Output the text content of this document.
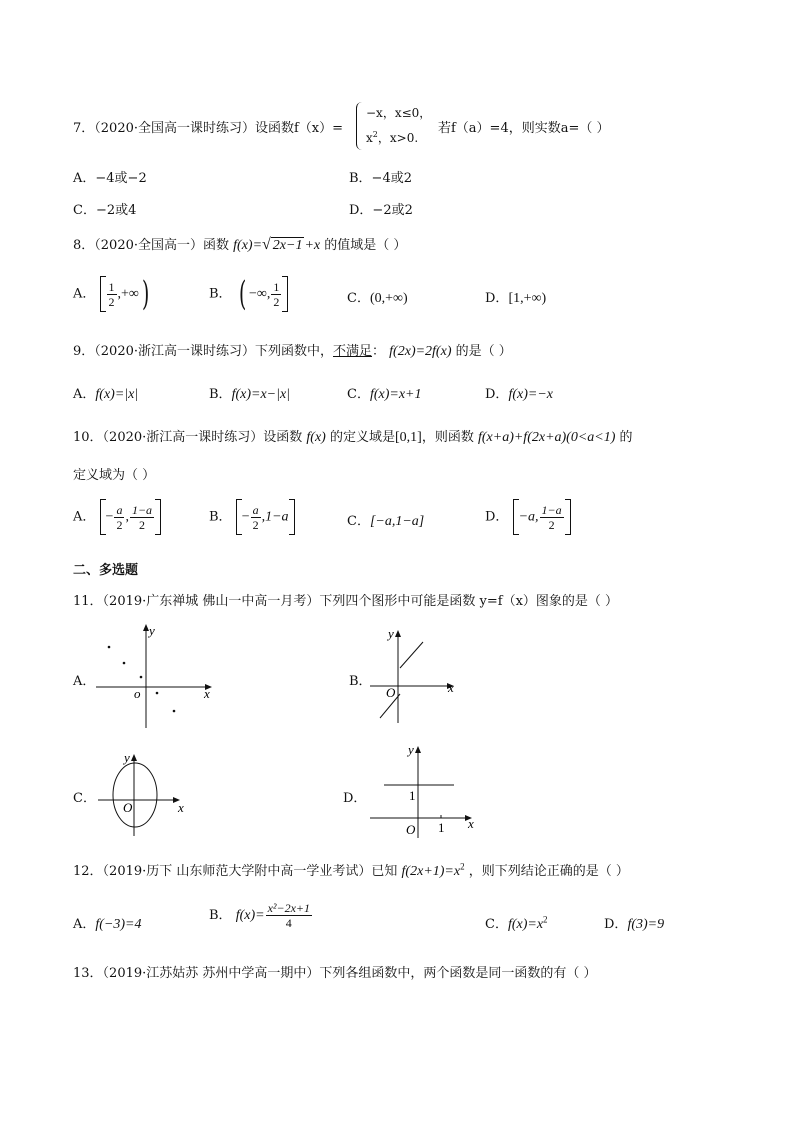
7．（2020·全国高一课时练习）设函数f（x）=
−x，x≤0，
$x^2$，x>0.
若f（a）=4，则实数a=（ ）
A．−4或−2	B．−4或2
C．−2或4	D．−2或2
8．（2020·全国高一）函数 f(x)=√ 2x−1 +x 的值域是（ ）
A． $\frac{1}{2}$ ,+∞)	B． ( −∞, $\frac{1}{2}$	C．(0,+∞)	D．[1,+∞)
9．（2020·浙江高一课时练习）下列函数中，不满足： f(2x)=2f(x) 的是（ ）
A．f(x)=|x|	B．f(x)=x−|x|	C．f(x)=x+1	D．f(x)=−x
10．（2020·浙江高一课时练习）设函数 f(x) 的定义域是[0,1]，则函数 f(x+a)+f(2x+a)(0<a<1) 的
定义域为（ ）
A． − $\frac{a}{2}$ , $\frac{1-a}{2}$	B． − $\frac{a}{2} ,1-a$	C．[−a,1−a]	D． −a, $\frac{1-a}{2}$
二、多选题
11．（2019·广东禅城 佛山一中高一月考）下列四个图形中可能是函数 y=f（x）图象的是（ ）
A．
x
y
o
B．	x
y
O
C．
x
y
O
D．
x
y
O
1
1
12．（2019·历下 山东师范大学附中高一学业考试）已知 $f(2x+1)=x^2$ ，则下列结论正确的是（ ）
A．f(−3)=4
B． $f(x)= \frac{\text{x²−2x+1}}{4}$	C．$f(x)=x^2$	D．f(3)=9
13．（2019·江苏姑苏 苏州中学高一期中）下列各组函数中，两个函数是同一函数的有（ ）
